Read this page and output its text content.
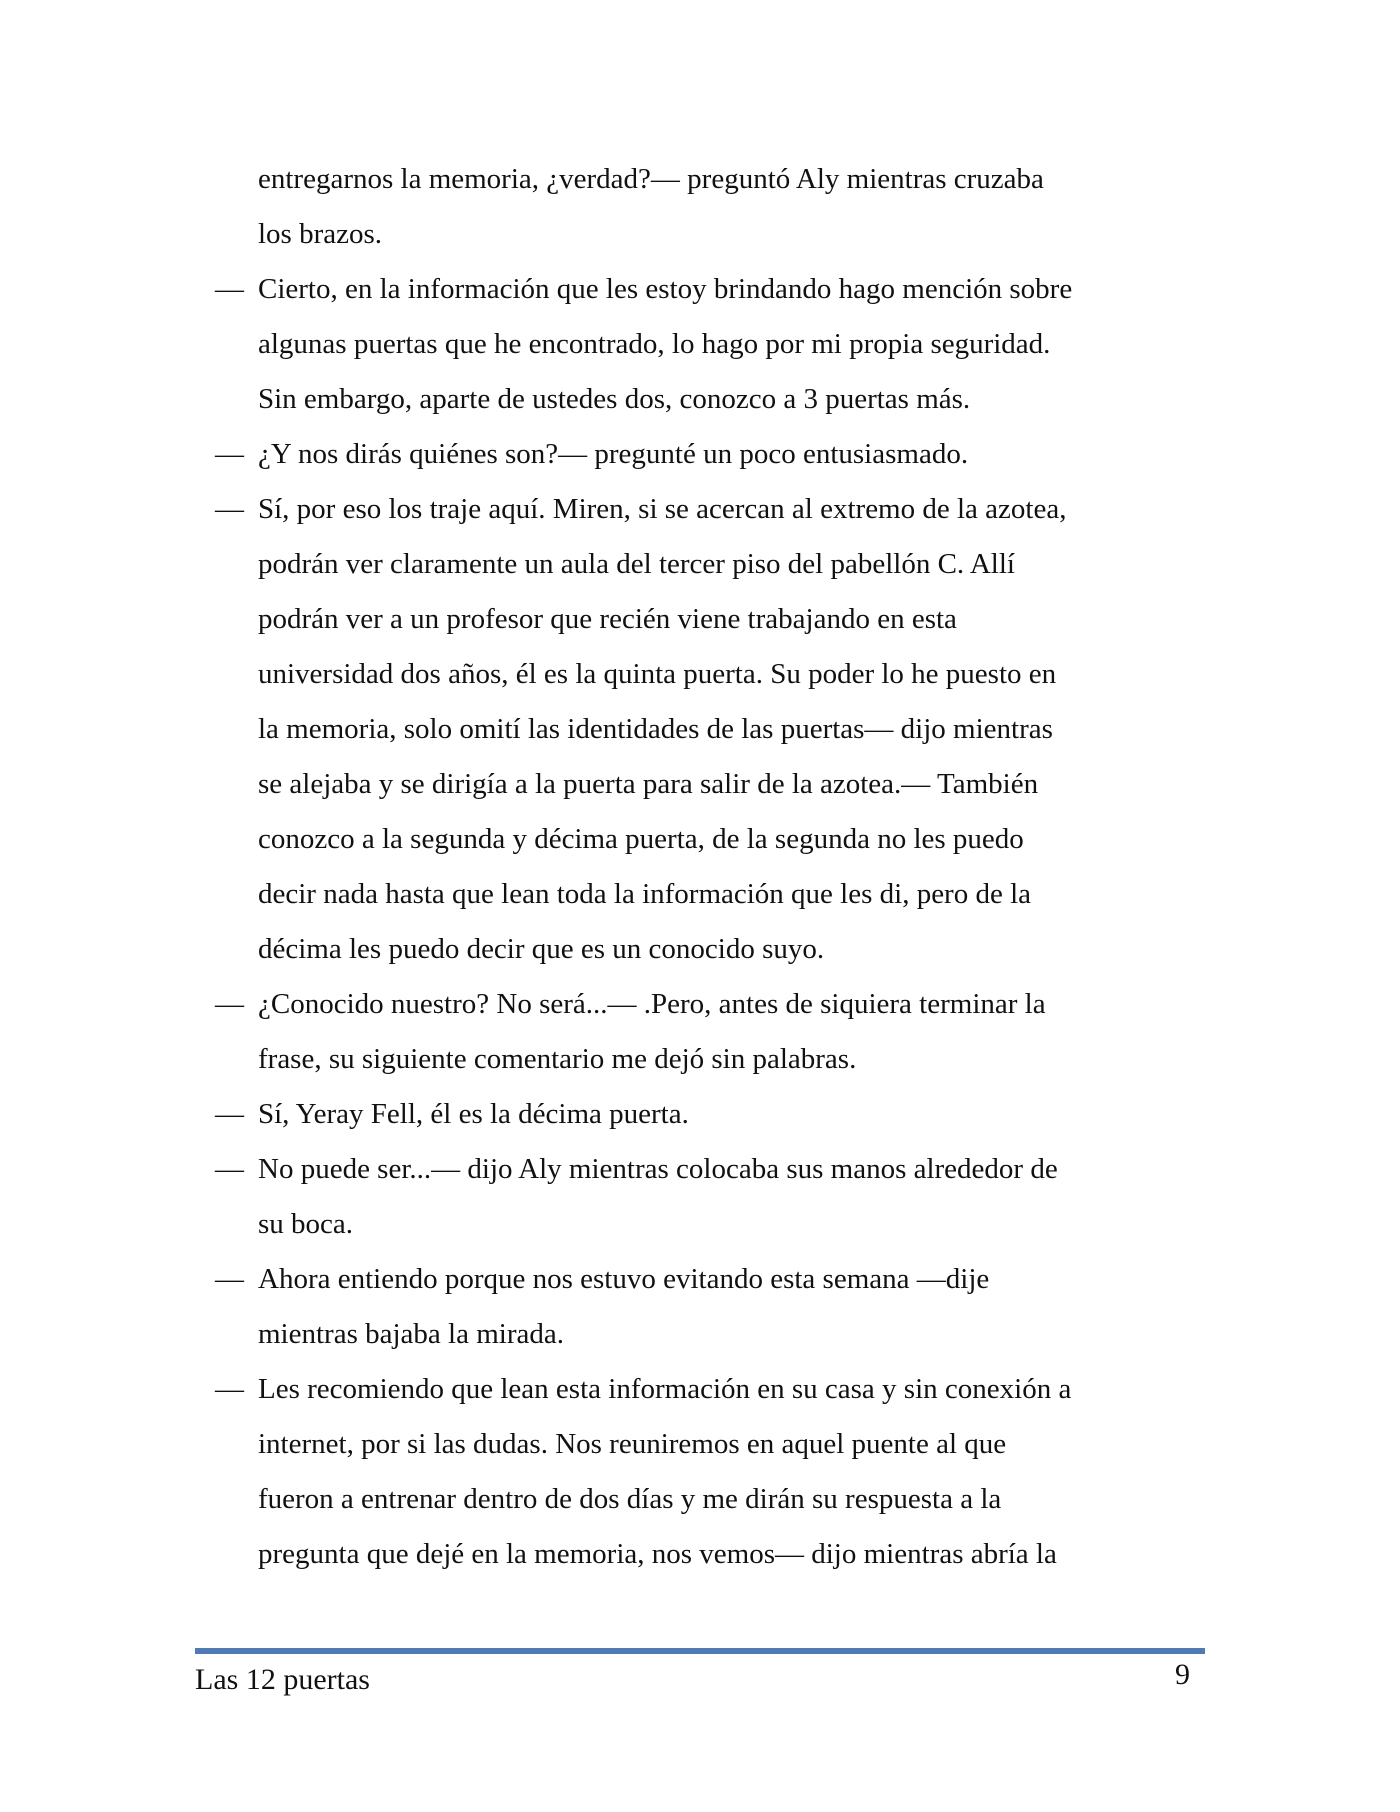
entregarnos la memoria, ¿verdad?— preguntó Aly mientras cruzaba
los brazos.
— Cierto, en la información que les estoy brindando hago mención sobre
algunas puertas que he encontrado, lo hago por mi propia seguridad.
Sin embargo, aparte de ustedes dos, conozco a 3 puertas más.
— ¿Y nos dirás quiénes son?— pregunté un poco entusiasmado.
— Sí, por eso los traje aquí. Miren, si se acercan al extremo de la azotea,
podrán ver claramente un aula del tercer piso del pabellón C. Allí
podrán ver a un profesor que recién viene trabajando en esta
universidad dos años, él es la quinta puerta. Su poder lo he puesto en
la memoria, solo omití las identidades de las puertas— dijo mientras
se alejaba y se dirigía a la puerta para salir de la azotea.— También
conozco a la segunda y décima puerta, de la segunda no les puedo
decir nada hasta que lean toda la información que les di, pero de la
décima les puedo decir que es un conocido suyo.
— ¿Conocido nuestro? No será...— .Pero, antes de siquiera terminar la
frase, su siguiente comentario me dejó sin palabras.
— Sí, Yeray Fell, él es la décima puerta.
— No puede ser...— dijo Aly mientras colocaba sus manos alrededor de
su boca.
— Ahora entiendo porque nos estuvo evitando esta semana —dije
mientras bajaba la mirada.
— Les recomiendo que lean esta información en su casa y sin conexión a
internet, por si las dudas. Nos reuniremos en aquel puente al que
fueron a entrenar dentro de dos días y me dirán su respuesta a la
pregunta que dejé en la memoria, nos vemos— dijo mientras abría la
Las 12 puertas	9
